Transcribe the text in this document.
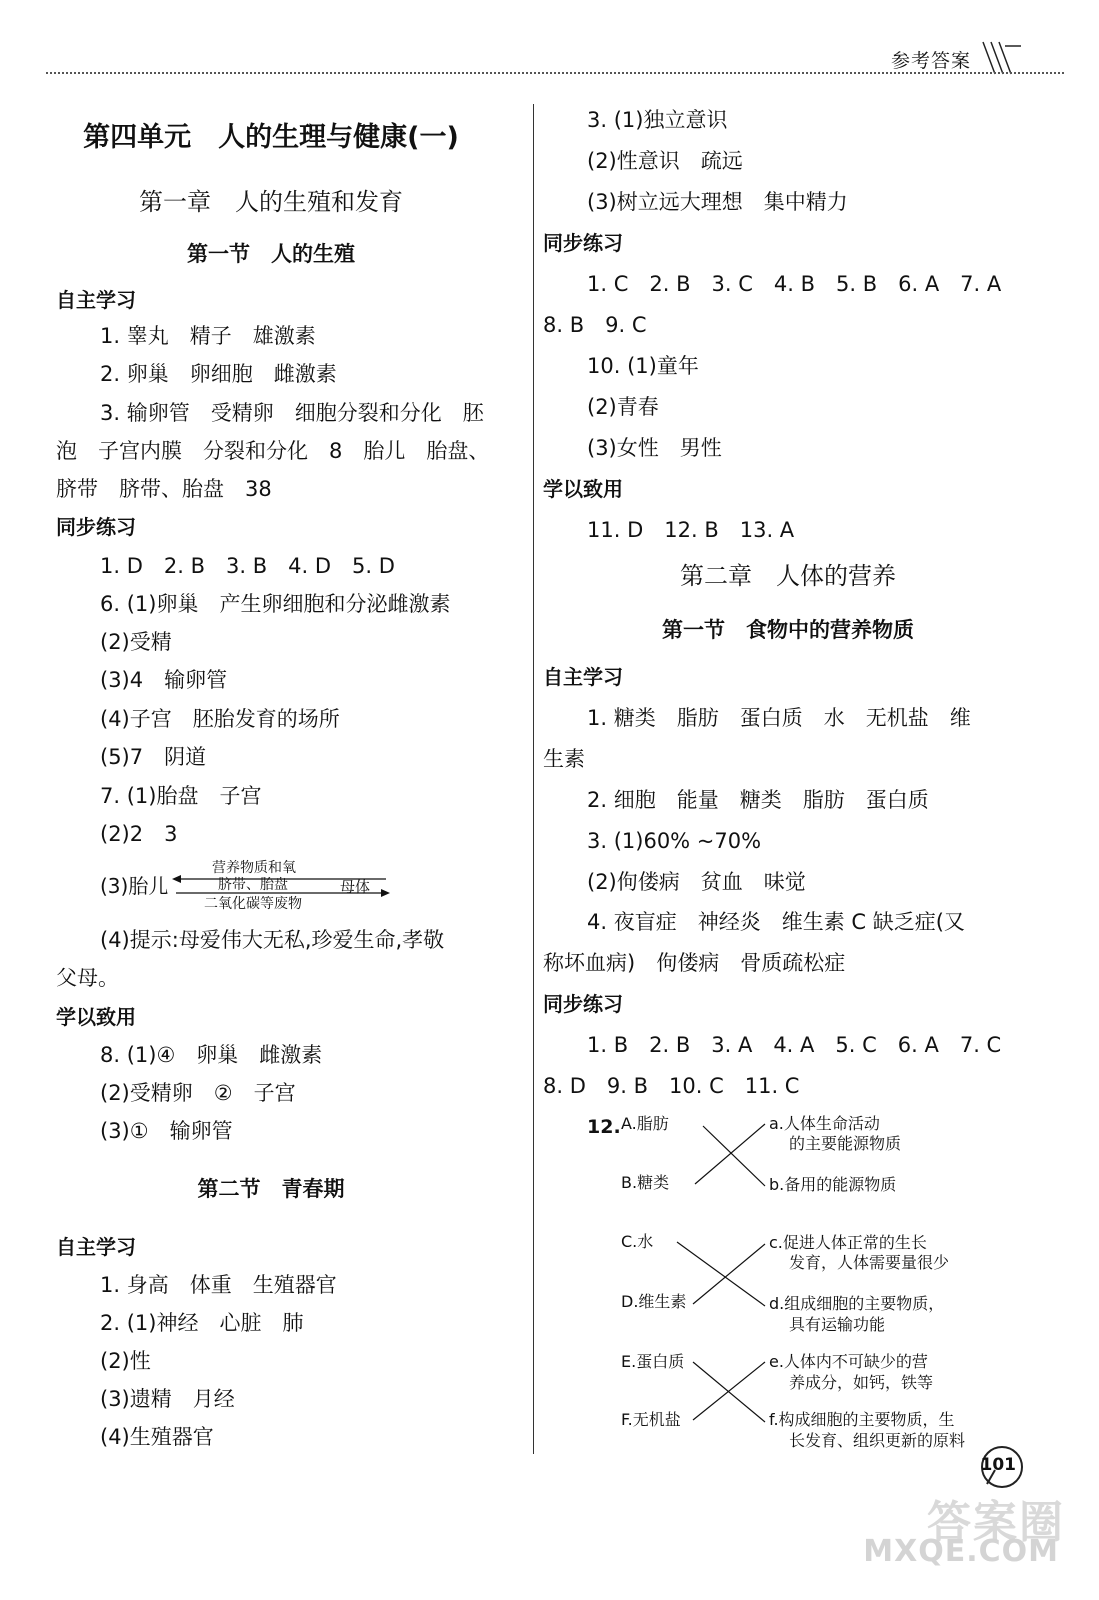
参考答案
第四单元　人的生理与健康(一)
第一章　人的生殖和发育
第一节　人的生殖
自主学习
1. 睾丸　精子　雄激素
2. 卵巢　卵细胞　雌激素
3. 输卵管　受精卵　细胞分裂和分化　胚
泡　子宫内膜　分裂和分化　8　胎儿　胎盘、
脐带　脐带、胎盘　38
同步练习
1. D　2. B　3. B　4. D　5. D
6. (1)卵巢　产生卵细胞和分泌雌激素
(2)受精
(3)4　输卵管
(4)子宫　胚胎发育的场所
(5)7　阴道
7. (1)胎盘　子宫
(2)2　3
(3)胎儿
营养物质和氧
脐带、胎盘
二氧化碳等废物
母体
(4)提示:母爱伟大无私,珍爱生命,孝敬
父母。
学以致用
8. (1)④　卵巢　雌激素
(2)受精卵　②　子宫
(3)①　输卵管
第二节　青春期
自主学习
1. 身高　体重　生殖器官
2. (1)神经　心脏　肺
(2)性
(3)遗精　月经
(4)生殖器官
3. (1)独立意识
(2)性意识　疏远
(3)树立远大理想　集中精力
同步练习
1. C　2. B　3. C　4. B　5. B　6. A　7. A
8. B　9. C
10. (1)童年
(2)青春
(3)女性　男性
学以致用
11. D　12. B　13. A
第二章　人体的营养
第一节　食物中的营养物质
自主学习
1. 糖类　脂肪　蛋白质　水　无机盐　维
生素
2. 细胞　能量　糖类　脂肪　蛋白质
3. (1)60% ~70%
(2)佝偻病　贫血　味觉
4. 夜盲症　神经炎　维生素 C 缺乏症(又
称坏血病)　佝偻病　骨质疏松症
同步练习
1. B　2. B　3. A　4. A　5. C　6. A　7. C
8. D　9. B　10. C　11. C
12. A.脂肪
B.糖类
a.人体生命活动
的主要能源物质
b.备用的能源物质
C.水
D.维生素
c.促进人体正常的生长
发育，人体需要量很少
d.组成细胞的主要物质，
具有运输功能
E.蛋白质
F.无机盐
e.人体内不可缺少的营
养成分，如钙，铁等
f.构成细胞的主要物质，生
长发育、组织更新的原料
101
答案圈
MXQE.COM
